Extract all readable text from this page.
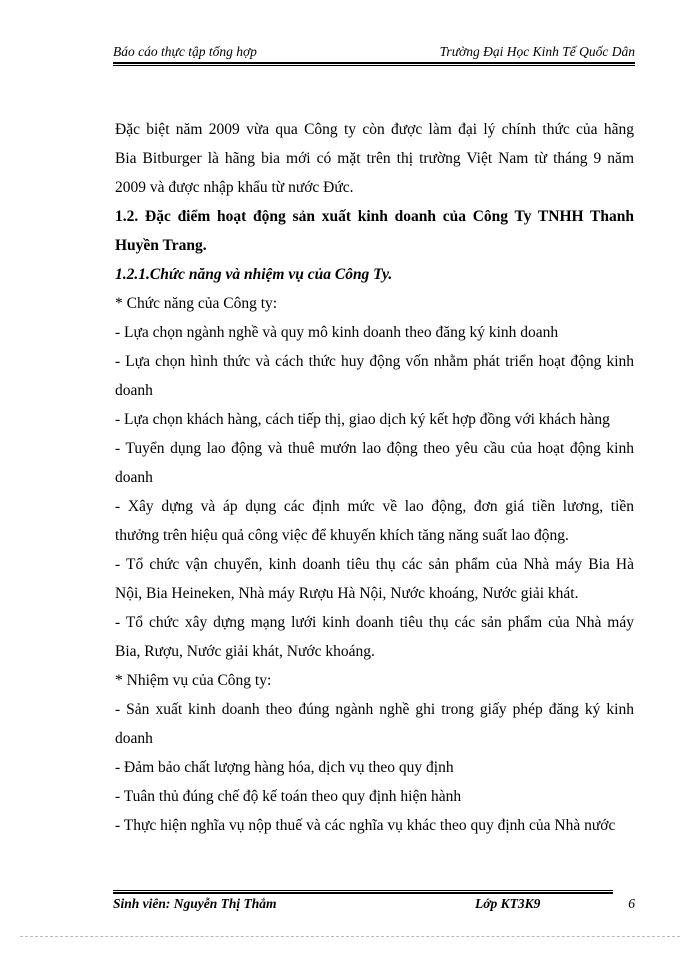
Báo cáo thực tập tổng hợp	Trường Đại Học Kinh Tế Quốc Dân
Đặc biệt năm 2009 vừa qua Công ty còn được làm đại lý chính thức của hãng
Bia Bitburger là hãng bia mới có mặt trên thị trường Việt Nam từ tháng 9 năm
2009 và được nhập khẩu từ nước Đức.
1.2. Đặc điểm hoạt động sản xuất kinh doanh của Công Ty TNHH Thanh
Huyền Trang.
1.2.1.Chức năng và nhiệm vụ của Công Ty.
* Chức năng của Công ty:
- Lựa chọn ngành nghề và quy mô kinh doanh theo đăng ký kinh doanh
- Lựa chọn hình thức và cách thức huy động vốn nhằm phát triển hoạt động kinh
doanh
- Lựa chọn khách hàng, cách tiếp thị, giao dịch ký kết hợp đồng với khách hàng
- Tuyển dụng lao động và thuê mướn lao động theo yêu cầu của hoạt động kinh
doanh
- Xây dựng và áp dụng các định mức về lao động, đơn giá tiền lương, tiền
thưởng trên hiệu quả công việc để khuyến khích tăng năng suất lao động.
- Tổ chức vận chuyển, kinh doanh tiêu thụ các sản phẩm của Nhà máy Bia Hà
Nội, Bia Heineken, Nhà máy Rượu Hà Nội, Nước khoáng, Nước giải khát.
- Tổ chức xây dựng mạng lưới kinh doanh tiêu thụ các sản phẩm của Nhà máy
Bia, Rượu, Nước giải khát, Nước khoáng.
* Nhiệm vụ của Công ty:
- Sản xuất kinh doanh theo đúng ngành nghề ghi trong giấy phép đăng ký kinh
doanh
- Đảm bảo chất lượng hàng hóa, dịch vụ theo quy định
- Tuân thủ đúng chế độ kế toán theo quy định hiện hành
- Thực hiện nghĩa vụ nộp thuế và các nghĩa vụ khác theo quy định của Nhà nước
Sinh viên: Nguyễn Thị Thắm	Lớp KT3K9	6
